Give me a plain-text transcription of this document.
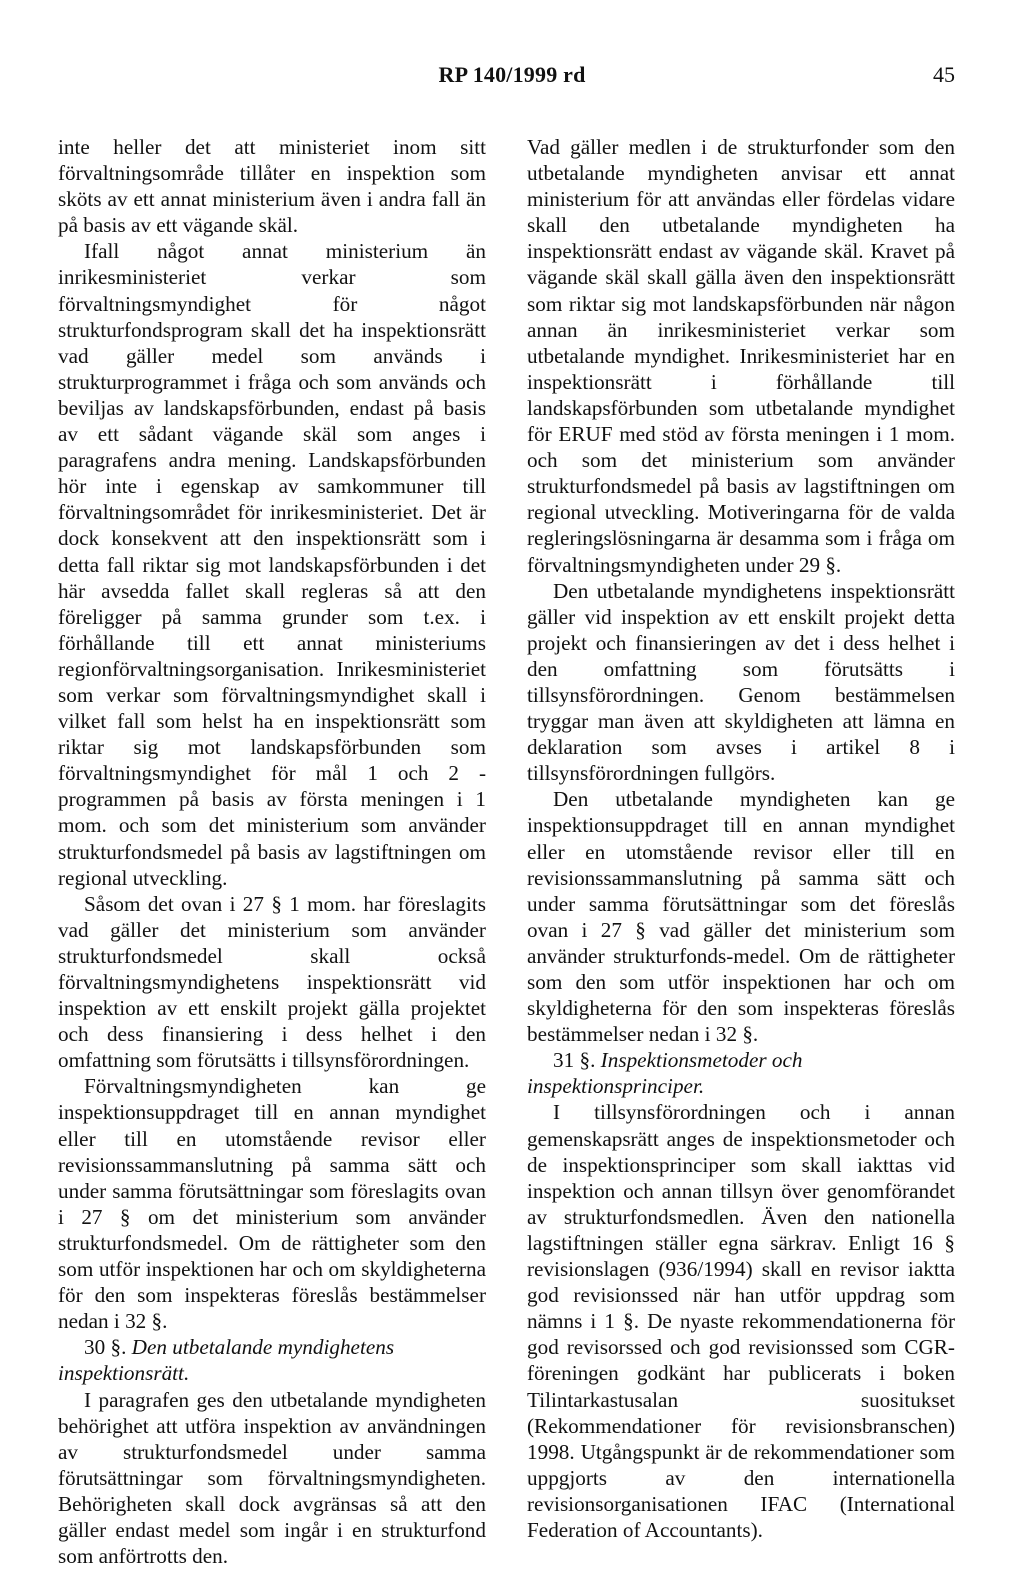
RP 140/1999 rd	45

inte heller det att ministeriet inom sitt förvaltningsområde tillåter en inspektion som sköts av ett annat ministerium även i andra fall än på basis av ett vägande skäl.

Ifall något annat ministerium än inrikesministeriet verkar som förvaltningsmyndighet för något strukturfondsprogram skall det ha inspektionsrätt vad gäller medel som används i strukturprogrammet i fråga och som används och beviljas av landskapsförbunden, endast på basis av ett sådant vägande skäl som anges i paragrafens andra mening. Landskapsförbunden hör inte i egenskap av samkommuner till förvaltningsområdet för inrikesministeriet. Det är dock konsekvent att den inspektionsrätt som i detta fall riktar sig mot landskapsförbunden i det här avsedda fallet skall regleras så att den föreligger på samma grunder som t.ex. i förhållande till ett annat ministeriums regionförvaltningsorganisation. Inrikesministeriet som verkar som förvaltningsmyndighet skall i vilket fall som helst ha en inspektionsrätt som riktar sig mot landskapsförbunden som förvaltningsmyndighet för mål 1 och 2 -programmen på basis av första meningen i 1 mom. och som det ministerium som använder strukturfondsmedel på basis av lagstiftningen om regional utveckling.

Såsom det ovan i 27 § 1 mom. har föreslagits vad gäller det ministerium som använder strukturfondsmedel skall också förvaltningsmyndighetens inspektionsrätt vid inspektion av ett enskilt projekt gälla projektet och dess finansiering i dess helhet i den omfattning som förutsätts i tillsynsförordningen.

Förvaltningsmyndigheten kan ge inspektionsuppdraget till en annan myndighet eller till en utomstående revisor eller revisionssammanslutning på samma sätt och under samma förutsättningar som föreslagits ovan i 27 § om det ministerium som använder strukturfondsmedel. Om de rättigheter som den som utför inspektionen har och om skyldigheterna för den som inspekteras föreslås bestämmelser nedan i 32 §.

30 §. Den utbetalande myndighetens inspektionsrätt.

I paragrafen ges den utbetalande myndigheten behörighet att utföra inspektion av användningen av strukturfondsmedel under samma förutsättningar som förvaltningsmyndigheten. Behörigheten skall dock avgränsas så att den gäller endast medel som ingår i en strukturfond som anförtrotts den.

Vad gäller medlen i de strukturfonder som den utbetalande myndigheten anvisar ett annat ministerium för att användas eller fördelas vidare skall den utbetalande myndigheten ha inspektionsrätt endast av vägande skäl. Kravet på vägande skäl skall gälla även den inspektionsrätt som riktar sig mot landskapsförbunden när någon annan än inrikesministeriet verkar som utbetalande myndighet. Inrikesministeriet har en inspektionsrätt i förhållande till landskapsförbunden som utbetalande myndighet för ERUF med stöd av första meningen i 1 mom. och som det ministerium som använder strukturfondsmedel på basis av lagstiftningen om regional utveckling. Motiveringarna för de valda regleringslösningarna är desamma som i fråga om förvaltningsmyndigheten under 29 §.

Den utbetalande myndighetens inspektionsrätt gäller vid inspektion av ett enskilt projekt detta projekt och finansieringen av det i dess helhet i den omfattning som förutsätts i tillsynsförordningen. Genom bestämmelsen tryggar man även att skyldigheten att lämna en deklaration som avses i artikel 8 i tillsynsförordningen fullgörs.

Den utbetalande myndigheten kan ge inspektionsuppdraget till en annan myndighet eller en utomstående revisor eller till en revisionssammanslutning på samma sätt och under samma förutsättningar som det föreslås ovan i 27 § vad gäller det ministerium som använder strukturfonds-medel. Om de rättigheter som den som utför inspektionen har och om skyldigheterna för den som inspekteras föreslås bestämmelser nedan i 32 §.

31 §. Inspektionsmetoder och inspektionsprinciper.

I tillsynsförordningen och i annan gemenskapsrätt anges de inspektionsmetoder och de inspektionsprinciper som skall iakttas vid inspektion och annan tillsyn över genomförandet av strukturfondsmedlen. Även den nationella lagstiftningen ställer egna särkrav. Enligt 16 § revisionslagen (936/1994) skall en revisor iaktta god revisionssed när han utför uppdrag som nämns i 1 §. De nyaste rekommendationerna för god revisorssed och god revisionssed som CGR-föreningen godkänt har publicerats i boken Tilintarkastusalan suositukset (Rekommendationer för revisionsbranschen) 1998. Utgångspunkt är de rekommendationer som uppgjorts av den internationella revisionsorganisationen IFAC (International Federation of Accountants).
